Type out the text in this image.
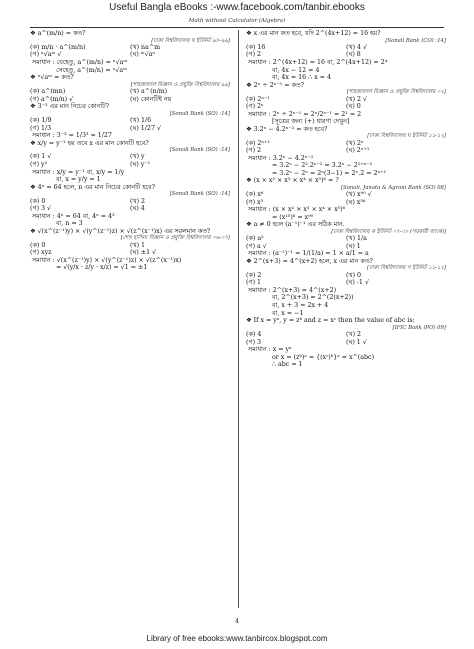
Useful Bangla eBooks :-www.facebook.com/tanbir.ebooks
Math without Calculator (Algebra)
❖ a^(m/n) = কত?
[ঢাকা বিশ্ববিদ্যালয় ঘ ইউনিট ৯৮-৯৯]
(ক) m/n · a^(m/n)	(খ) na^m
(গ) ⁿ√aᵐ √	(ঘ) ᵐ√aⁿ
সমাধান : যেহেতু, a^(m/n) = ⁿ√aᵐ
সেহেতু, a^(m/n) = ⁿ√aᵐ
❖ ⁿ√aᵐ = কত?
[শাহজালাল বিজ্ঞান ও প্রযুক্তি বিশ্ববিদ্যালয় ৯৯]
(ক) a^(mn)	(খ) a^(n/m)
(গ) a^(m/n) √	(ঘ) কোনটিই নয়
❖ 3⁻³ এর মান নিচের কোনটি?
[Sonali Bank (SO) :14]
(ক) 1/9	(খ) 1/6
(গ) 1/3	(ঘ) 1/27 √
সমাধান : 3⁻³ = 1/3³ = 1/27
❖ x/y = y⁻¹ হয় তবে x এর মান কোনটি হবে?
[Sonali Bank (SO) :14]
(ক) 1 √	(খ) y
(গ) y²	(ঘ) y⁻¹
সমাধান : x/y = y⁻¹ বা, x/y = 1/y
বা, x = y/y = 1
❖ 4ⁿ = 64 হলে, n এর মান নিচের কোনটি হবে?
[Sonali Bank (SO) :14]
(ক) 0	(খ) 2
(গ) 3 √	(ঘ) 4
সমাধান : 4ⁿ = 64 বা, 4ⁿ = 4³
বা, n = 3
❖ √(x^(z⁻¹)y) × √(y^(z⁻¹)z) × √(z^(x⁻¹)x) এর সরলমান কত?
[শেখ হাসিনা বিজ্ঞান ও প্রযুক্তি বিশ্ববিদ্যালয় ০৬-০৭]
(ক) 0	(খ) 1
(গ) xyz	(ঘ) ±1 √
সমাধান : √(x^(z⁻¹)y) × √(y^(z⁻¹)z) × √(z^(x⁻¹)x)
= √(y/x · z/y · x/z) = √1 = ±1
❖ x এর মান কত হবে, যদি 2^(4x+12) = 16 হয়?
[Sonali Bank (CO) :14]
(ক) 16	(খ) 4 √
(গ) 2	(ঘ) 8
সমাধান : 2^(4x+12) = 16 বা, 2^(4x+12) = 2⁴
বা, 4x − 12 = 4
বা, 4x = 16 ∴ x = 4
❖ 2ⁿ ÷ 2ⁿ⁻¹ = কত?
[শাহজালাল বিজ্ঞান ও প্রযুক্তি বিশ্ববিদ্যালয় ০২]
(ক) 2ⁿ⁻¹	(খ) 2 √
(গ) 2ⁿ	(ঘ) 0
সমাধান : 2ⁿ ÷ 2ⁿ⁻¹ = 2ⁿ/2ⁿ⁻¹ = 2¹ = 2
[সূত্রের জন্য (+) ধারণা দেখুন]
❖ 3.2ⁿ − 4.2ⁿ⁻² = কত হবে?
[ঢাকা বিশ্ববিদ্যালয় ঘ ইউনিট ১১-১২]
(ক) 2ⁿ⁺¹	(খ) 2ⁿ
(গ) 2	(ঘ) 2ⁿ⁺¹
সমাধান : 3.2ⁿ − 4.2ⁿ⁻²
= 3.2ⁿ − 2².2ⁿ⁻² = 3.2ⁿ − 2²⁺ⁿ⁻²
= 3.2ⁿ − 2ⁿ = 2ⁿ(3−1) = 2ⁿ.2 = 2ⁿ⁺¹
❖ (x × x² × x³ × x⁴ × x⁵)⁶ = ?
[Sonali, Janata & Agrani Bank (SO) 08]
(ক) x⁶	(খ) x⁹⁰ √
(গ) x⁵	(ঘ) x³⁶
সমাধান : (x × x² × x³ × x⁴ × x⁵)⁶
= (x¹⁵)⁶ = x⁹⁰
❖ a ≠ 0 হলে (a⁻¹)⁻¹ এর সঠিক মান.
[ঢাকা বিশ্ববিদ্যালয় ক ইউনিট ০৭-০৮ (সরকারী ব্যাংক)]
(ক) a²	(খ) 1/a
(গ) a √	(ঘ) 1
সমাধান : (a⁻¹)⁻¹ = 1/(1/a) = 1 × a/1 = a
❖ 2^(x+3) = 4^(x+2) হলে, x এর মান কত?
[ঢাকা বিশ্ববিদ্যালয় গ ইউনিট ১১-১২]
(ক) 2	(খ) 0
(গ) 1	(ঘ) -1 √
সমাধান : 2^(x+3) = 4^(x+2)
বা, 2^(x+3) = 2^(2(x+2))
বা, x + 3 = 2x + 4
বা, x = −1
❖ If x = yᵃ, y = zᵇ and z = xᶜ then the value of abc is:
[IFIC Bank (PO) 09]
(ক) 4	(খ) 2
(গ) 3	(ঘ) 1 √
সমাধান : x = yᵃ
or x = (zᵇ)ᵃ = {(xᶜ)ᵇ}ᵃ = x^(abc)
∴ abc = 1
4
Library of free ebooks:www.tanbircox.blogspot.com
